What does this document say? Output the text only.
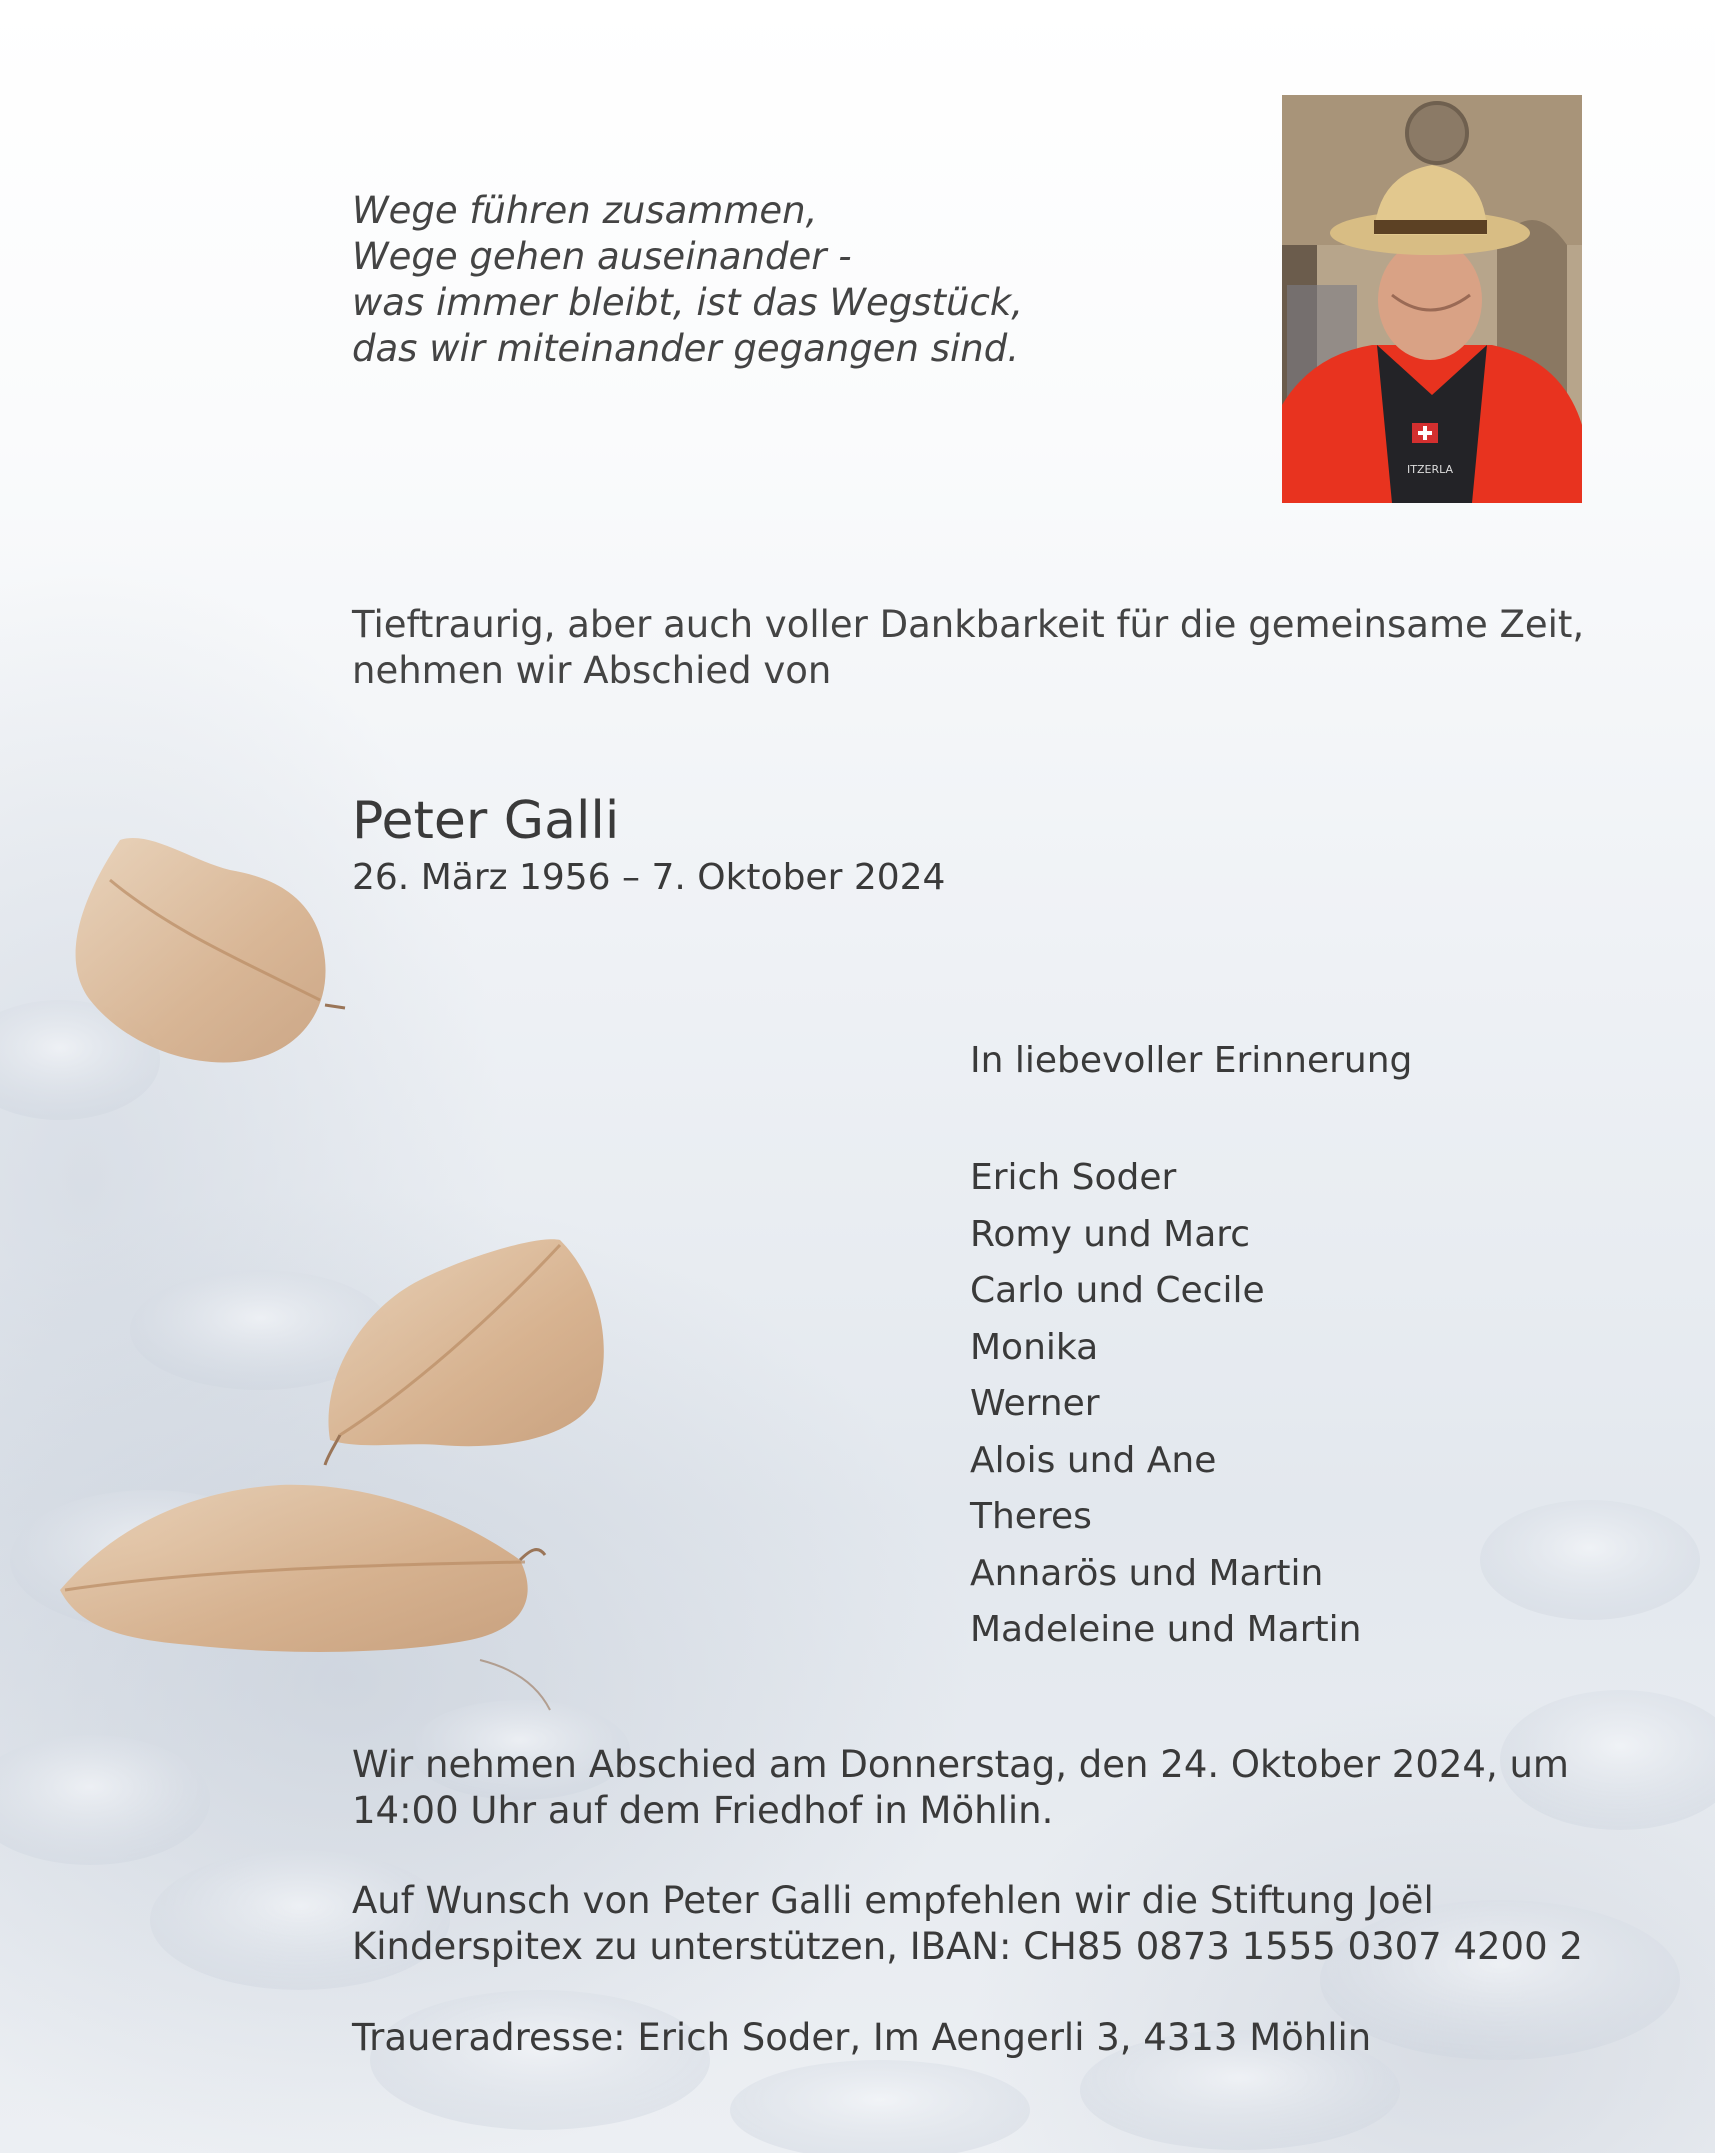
Wege führen zusammen,
Wege gehen auseinander -
was immer bleibt, ist das Wegstück,
das wir miteinander gegangen sind.
ITZERLA
Tieftraurig, aber auch voller Dankbarkeit für die gemeinsame Zeit,
nehmen wir Abschied von
Peter Galli
26. März 1956 – 7. Oktober 2024
In liebevoller Erinnerung
Erich Soder
Romy und Marc
Carlo und Cecile
Monika
Werner
Alois und Ane
Theres
Annarös und Martin
Madeleine und Martin
Wir nehmen Abschied am Donnerstag, den 24. Oktober 2024, um
14:00 Uhr auf dem Friedhof in Möhlin.
Auf Wunsch von Peter Galli empfehlen wir die Stiftung Joël
Kinderspitex zu unterstützen, IBAN: CH85 0873 1555 0307 4200 2
Traueradresse: Erich Soder, Im Aengerli 3, 4313 Möhlin
